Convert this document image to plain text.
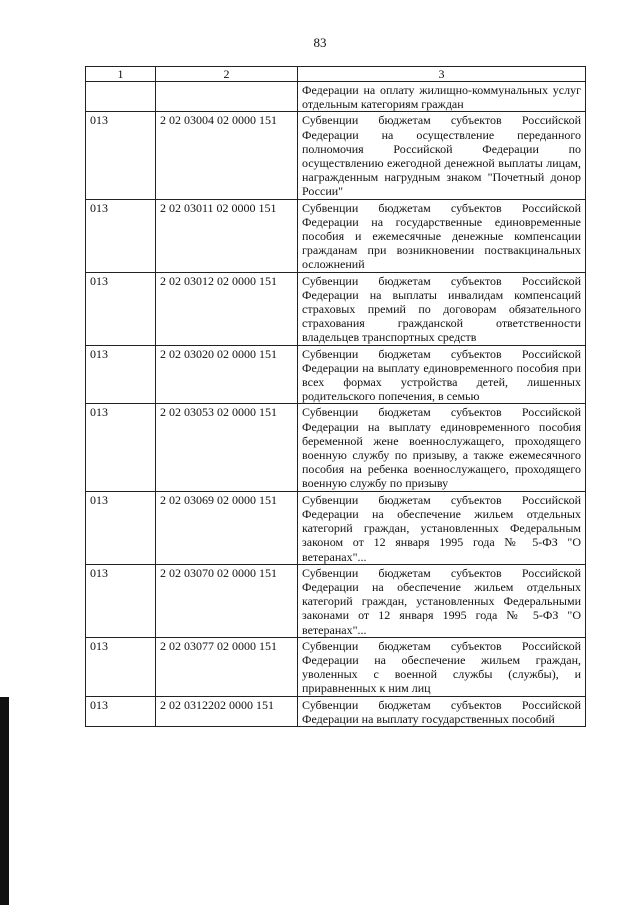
83
1	2	3
		Федерации на оплату жилищно-коммунальных услуг отдельным категориям граждан
013	2 02 03004 02 0000 151	Субвенции бюджетам субъектов Российской Федерации на осуществление переданного полномочия Российской Федерации по осуществлению ежегодной денежной выплаты лицам, награжденным нагрудным знаком "Почетный донор России"
013	2 02 03011 02 0000 151	Субвенции бюджетам субъектов Российской Федерации на государственные единовременные пособия и ежемесячные денежные компенсации гражданам при возникновении поствакцинальных осложнений
013	2 02 03012 02 0000 151	Субвенции бюджетам субъектов Российской Федерации на выплаты инвалидам компенсаций страховых премий по договорам обязательного страхования гражданской ответственности владельцев транспортных средств
013	2 02 03020 02 0000 151	Субвенции бюджетам субъектов Российской Федерации на выплату единовременного пособия при всех формах устройства детей, лишенных родительского попечения, в семью
013	2 02 03053 02 0000 151	Субвенции бюджетам субъектов Российской Федерации на выплату единовременного пособия беременной жене военнослужащего, проходящего военную службу по призыву, а также ежемесячного пособия на ребенка военнослужащего, проходящего военную службу по призыву
013	2 02 03069 02 0000 151	Субвенции бюджетам субъектов Российской Федерации на обеспечение жильем отдельных категорий граждан, установленных Федеральным законом от 12 января 1995 года № 5-ФЗ "О ветеранах"...
013	2 02 03070 02 0000 151	Субвенции бюджетам субъектов Российской Федерации на обеспечение жильем отдельных категорий граждан, установленных Федеральными законами от 12 января 1995 года № 5-ФЗ "О ветеранах"...
013	2 02 03077 02 0000 151	Субвенции бюджетам субъектов Российской Федерации на обеспечение жильем граждан, уволенных с военной службы (службы), и приравненных к ним лиц
013	2 02 0312202 0000 151	Субвенции бюджетам субъектов Российской Федерации на выплату государственных пособий
